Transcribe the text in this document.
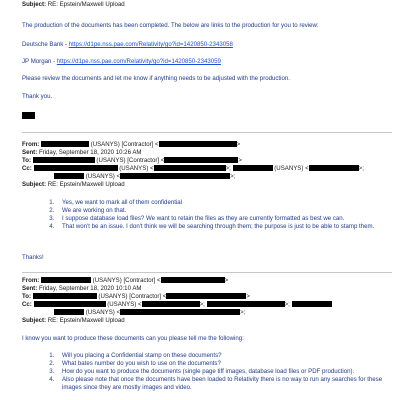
Subject: RE: Epstein/Maxwell Upload
The production of the documents has been completed. The below are links to the production for you to review:
Deutsche Bank - https://d1pe.nss.pae.com/Relativity/go?id=1420850-2343058
JP Morgan - https://d1pe.nss.pae.com/Relativity/go?id=1420850-2343059
Please review the documents and let me know if anything needs to be adjusted with the production.
Thank you.
From:	(USANYS) [Contractor] <	>
Sent: Friday, September 18, 2020 10:26 AM
To:	(USANYS) [Contractor] <	>
Cc:	(USANYS) <	>;	(USANYS) <	>;
(USANYS) <	>;
Subject: RE: Epstein/Maxwell Upload
1. Yes, we want to mark all of them confidential
2. We are working on that.
3. I suppose database load files? We want to retain the files as they are currently formatted as best we can.
4. That won't be an issue. I don't think we will be searching through them; the purpose is just to be able to stamp them.
Thanks!
From:	(USANYS) [Contractor] <	>
Sent: Friday, September 18, 2020 10:10 AM
To:	(USANYS) [Contractor] <	>
Cc:	(USANYS) <	>;	>;
(USANYS) <	>;
Subject: RE: Epstein/Maxwell Upload
I know you want to produce these documents can you please tell me the following:
1. Will you placing a Confidential stamp on these documents?
2. What bates number do you wish to use on the documents?
3. How do you want to produce the documents (single page tiff images, database load files or PDF production).
4. Also please note that once the documents have been loaded to Relativity there is no way to run any searches for these images since they are mostly images and video.
